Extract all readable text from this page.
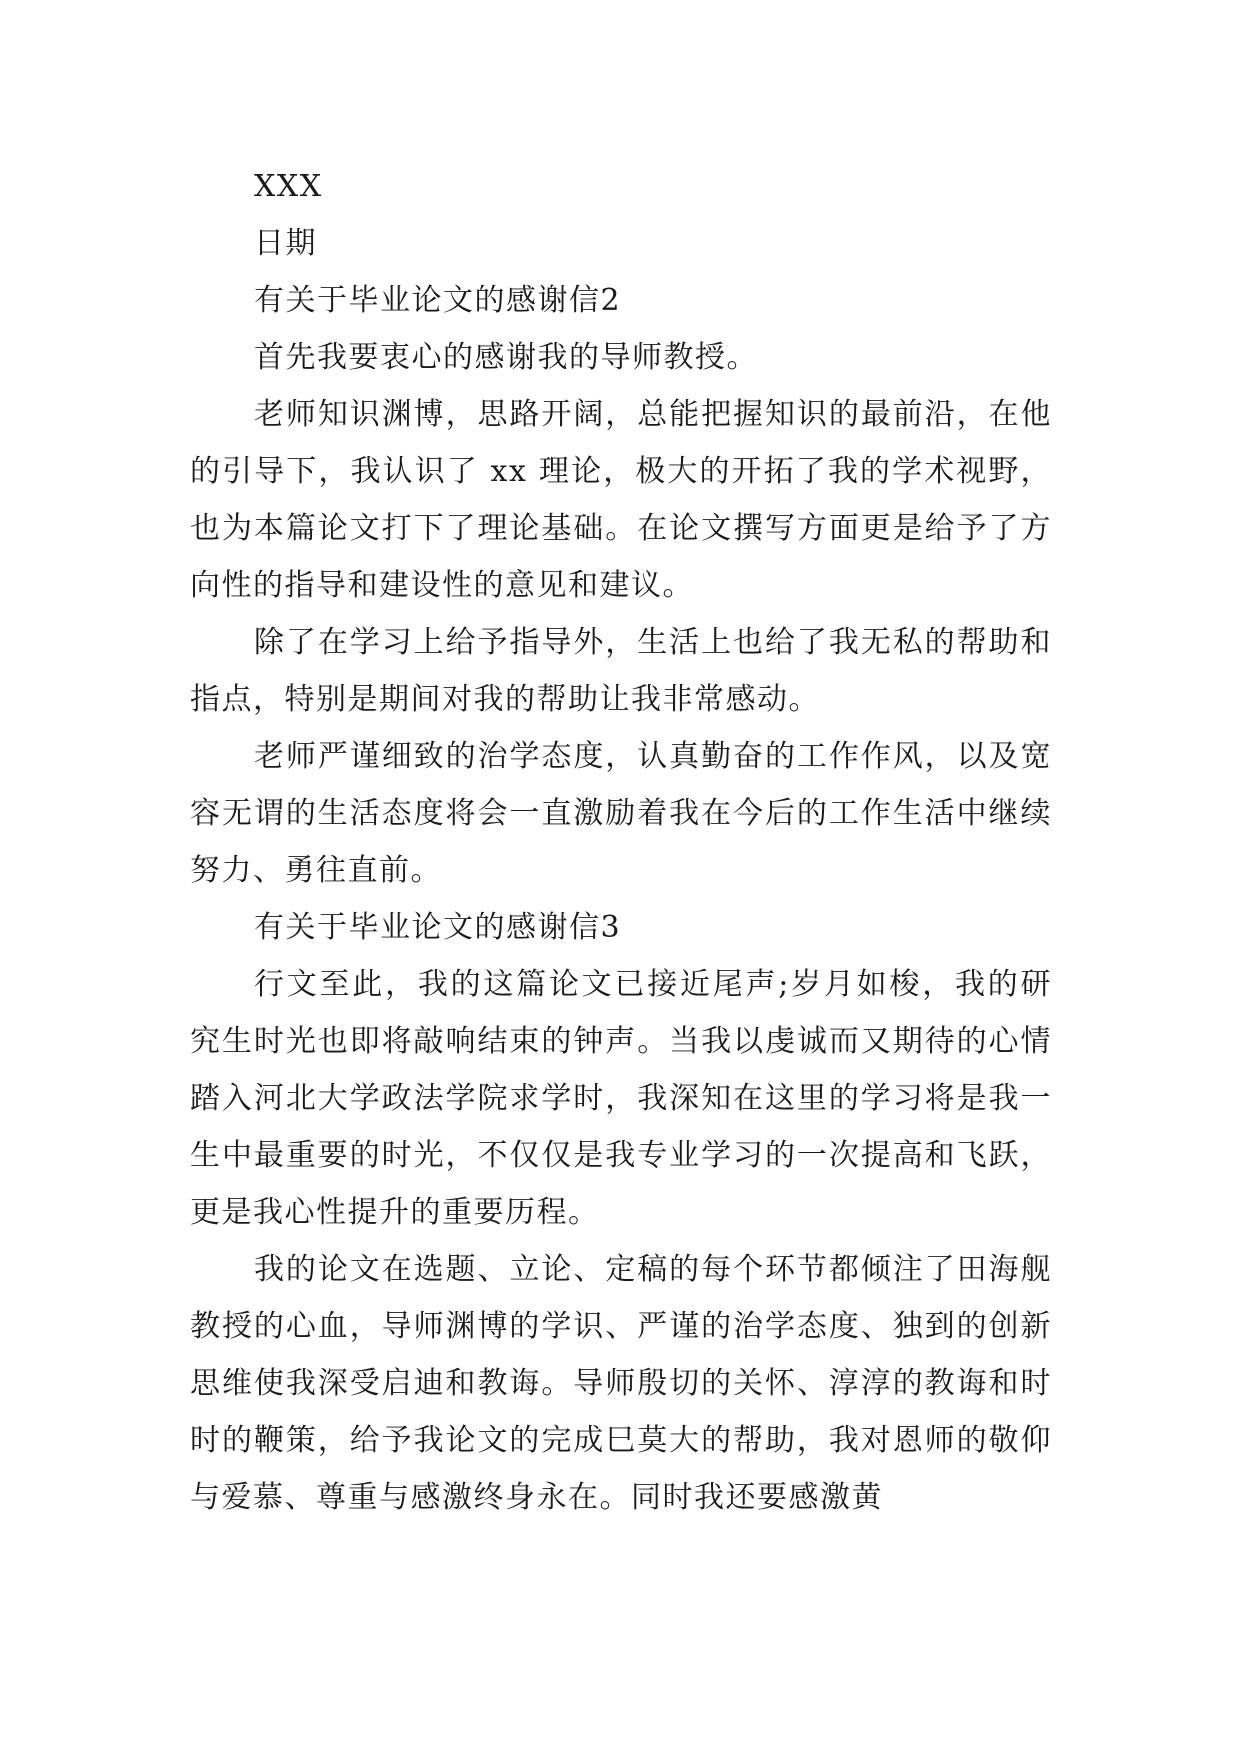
XXX

日期

有关于毕业论文的感谢信2

首先我要衷心的感谢我的导师教授。

老师知识渊博，思路开阔，总能把握知识的最前沿，在他的引导下，我认识了 xx 理论，极大的开拓了我的学术视野，也为本篇论文打下了理论基础。在论文撰写方面更是给予了方向性的指导和建设性的意见和建议。

除了在学习上给予指导外，生活上也给了我无私的帮助和指点，特别是期间对我的帮助让我非常感动。

老师严谨细致的治学态度，认真勤奋的工作作风，以及宽容无谓的生活态度将会一直激励着我在今后的工作生活中继续努力、勇往直前。

有关于毕业论文的感谢信3

行文至此，我的这篇论文已接近尾声;岁月如梭，我的研究生时光也即将敲响结束的钟声。当我以虔诚而又期待的心情踏入河北大学政法学院求学时，我深知在这里的学习将是我一生中最重要的时光，不仅仅是我专业学习的一次提高和飞跃，更是我心性提升的重要历程。

我的论文在选题、立论、定稿的每个环节都倾注了田海舰教授的心血，导师渊博的学识、严谨的治学态度、独到的创新思维使我深受启迪和教诲。导师殷切的关怀、淳淳的教诲和时时的鞭策，给予我论文的完成巳莫大的帮助，我对恩师的敬仰与爱慕、尊重与感激终身永在。同时我还要感激黄
